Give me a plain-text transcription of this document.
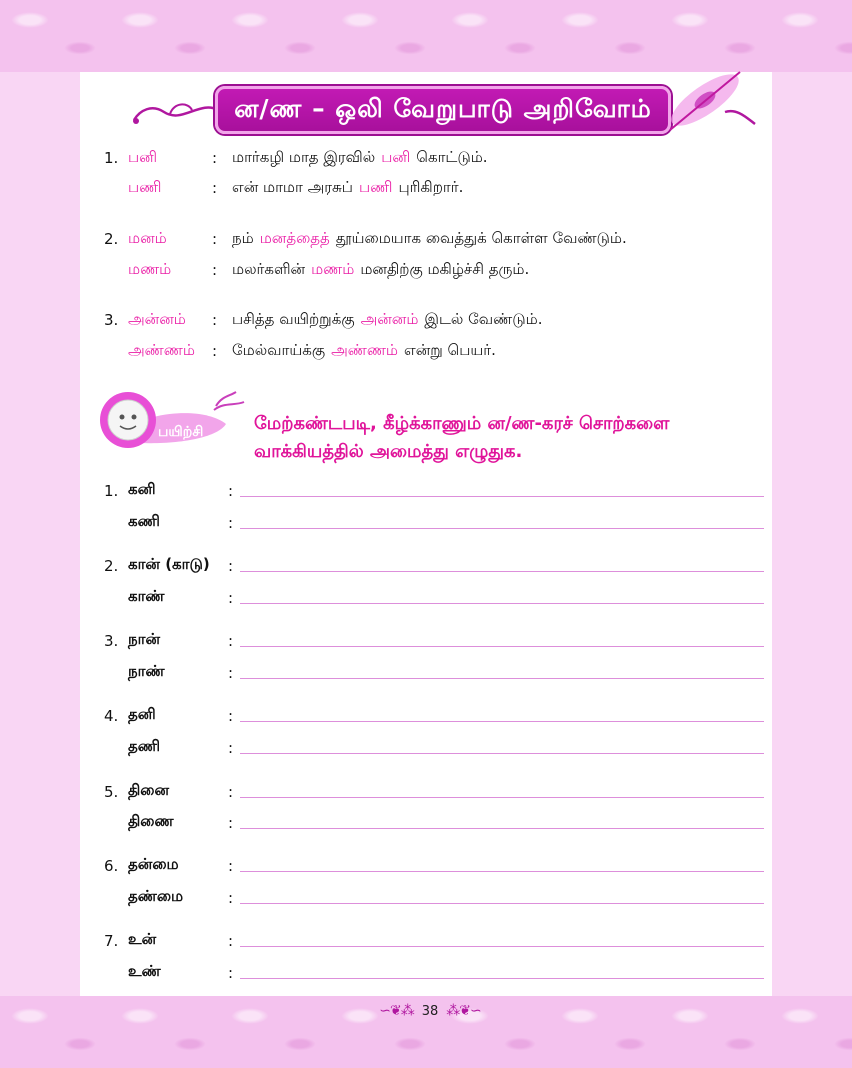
ன/ண – ஒலி வேறுபாடு அறிவோம்
1. பனி	: மார்கழி மாத இரவில் பனி கொட்டும்.
பணி	: என் மாமா அரசுப் பணி புரிகிறார்.
2. மனம்	: நம் மனத்தைத் தூய்மையாக வைத்துக் கொள்ள வேண்டும்.
மணம்	: மலர்களின் மணம் மனதிற்கு மகிழ்ச்சி தரும்.
3. அன்னம்	: பசித்த வயிற்றுக்கு அன்னம் இடல் வேண்டும்.
அண்ணம்	: மேல்வாய்க்கு அண்ணம் என்று பெயர்.
பயிற்சி	மேற்கண்டபடி, கீழ்க்காணும் ன/ண-கரச் சொற்களை
வாக்கியத்தில் அமைத்து எழுதுக.
1. கனி	:
கணி	:
2. கான் (காடு)	:
காண்	:
3. நான்	:
நாண்	:
4. தனி	:
தணி	:
5. தினை	:
திணை	:
6. தன்மை	:
தண்மை	:
7. உன்	:
உண்	:
∽❦⁂ 38 ⁂❦∽
